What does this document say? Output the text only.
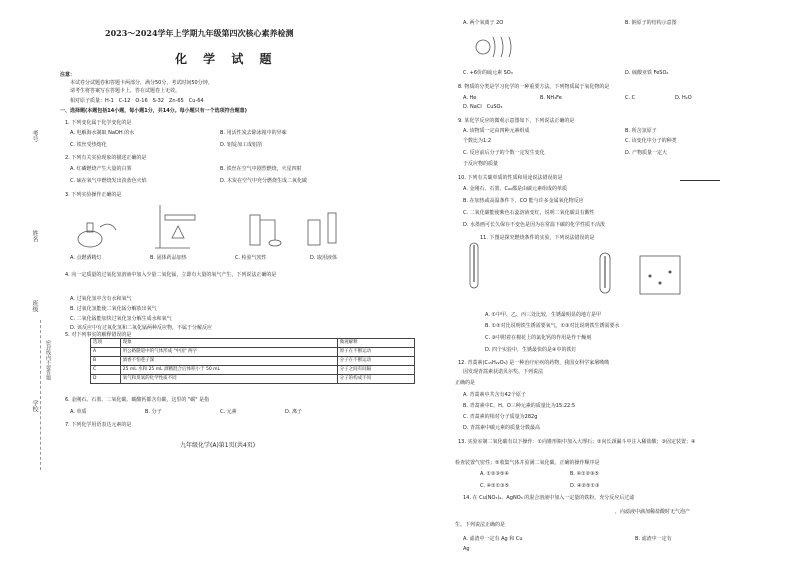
考号
姓名
班级
学校
密封线内不要答题
2023～2024学年上学期九年级第四次核心素养检测
化 学 试 题
注意：
本试卷分试题卷和答题卡两部分，满分50分，考试时间50分钟。
请考生将答案写在答题卡上，答在试题卷上无效。
相对原子质量：H-1　C-12　O-16　S-32　Zn-65　Cu-64
一、选择题(本题包括14小题，每小题1分，共14分。每小题只有一个选项符合题意)
1. 下列变化属于化学变化的是
A. 电解海水制取 NaOH 的水	B. 用活性炭去除冰箱中的异味
C. 铁丝受热熔化	D. 铝锭加工成铝箔
2. 下列有关实验现象的描述正确的是
A. 红磷燃烧产生大量的白雾	B. 铁丝在空气中剧烈燃烧，火星四射
C. 硫在氧气中燃烧发出淡蓝色火焰	D. 木炭在空气中充分燃烧生成二氧化碳
3. 下列实验操作正确的是
A. 点燃酒精灯	B. 固体药品加热	C. 检验气密性	D. 取用液体
4. 向一定质量的过氧化氢溶液中加入少量二氧化锰，立即有大量的氧气产生，下列说法正确的是
A. 过氧化氢中含有水和氧气
B. 过氧化氢能使二氧化锰分解放出氧气
C. 二氧化锰能加快过氧化氢分解生成水和氧气
D. 该反应中有过氧化氢和二氧化锰两种反应物，不属于分解反应
5. 对下列事实的解释错误的是
选项	现象	微观解释
A	用公路隧道中的气体形成 "中国" 两字	原子在不断运动
B	酒香不怕巷子深	分子在不断运动
C	25 mL 水和 25 mL 酒精混合后体积小于 50 mL	分子之间有间隔
D	氧气和臭氧的化学性质不同	分子的构成不同
6. 金刚石、石墨、二氧化碳、碳酸钙都含有碳，这里的 "碳" 是指
A. 单质	B. 分子	C. 元素	D. 离子
7. 下列化学用语表达元素的是
九年级化学(A)第1页(共4页)
A. 两个氧离子 2O	B. 钠原子的结构示意图
C. +6价的硫元素 SO₃	D. 硫酸亚铁 FeSO₄
8. 物质的分类是学习化学的一种重要方法，下列物质属于氧化物的是
A. He	B. NH₄Fe	C. C	D. H₂O
D. NaCl　CuSO₄
9. 某化学反应的微观示意图如下，下列说法正确的是
A. 该物质一定由四种元素组成	B. 所含氢原子
个数比为1:2	C. 该变化中分子的种类
C. 反应前后分子的个数一定发生变化	D. 产物质量一定大
于反应物的质量
10. 下列有关碳单质的性质和用途说法错误的是
A. 金刚石、石墨、C₆₀都是由碳元素组成的单质
B. 在加热或高温条件下，CO 能与许多金属氧化物反应
C. 二氧化碳能使紫色石蕊溶液变红，说明二氧化碳具有酸性
D. 水墨画可长久保存不变色是因为在常温下碳的化学性质不活泼
11. 下图是探究燃烧条件的实验，下列说法错误的是
A. ①中甲、乙、丙三处比较，生锈最明显的地方是甲
B. ①②对比说明铁生锈需要氧气，①③对比说明铁生锈需要水
C. ③中附着在棉花上的氯化钙的作用是作干燥剂
D. 四个实验中，生锈最快的是④中的铁钉
12. 青蒿素(C₁₅H₂₂O₅) 是一种治疗疟疾的药物，我国女科学家屠呦呦
因发现青蒿素获诺贝尔奖。下列说法
正确的是
A. 青蒿素中共含有42个原子
B. 青蒿素中C、H、O三种元素的质量比为15:22:5
C. 青蒿素的相对分子质量为282g
D. 青蒿素中碳元素的质量分数最高
13. 实验室制二氧化碳有以下操作：①向锥形瓶中加入大理石；②向长颈漏斗中注入稀盐酸；③固定装置；④
检查装置气密性；⑤收集气体并验满二氧化碳。正确的操作顺序是
A. ①②③⑤④	B. ④①②③⑤
C. ④②①③⑤	D. ④②⑤①③
14. 在 Cu(NO₃)₂、AgNO₃ 的混合溶液中加入一定量的铁粉，充分反应后过滤
，向滤液中滴加稀盐酸时无气泡产
生。下列说法正确的是
A. 滤渣中一定有 Ag 和 Cu	B. 滤渣中一定有
Ag
